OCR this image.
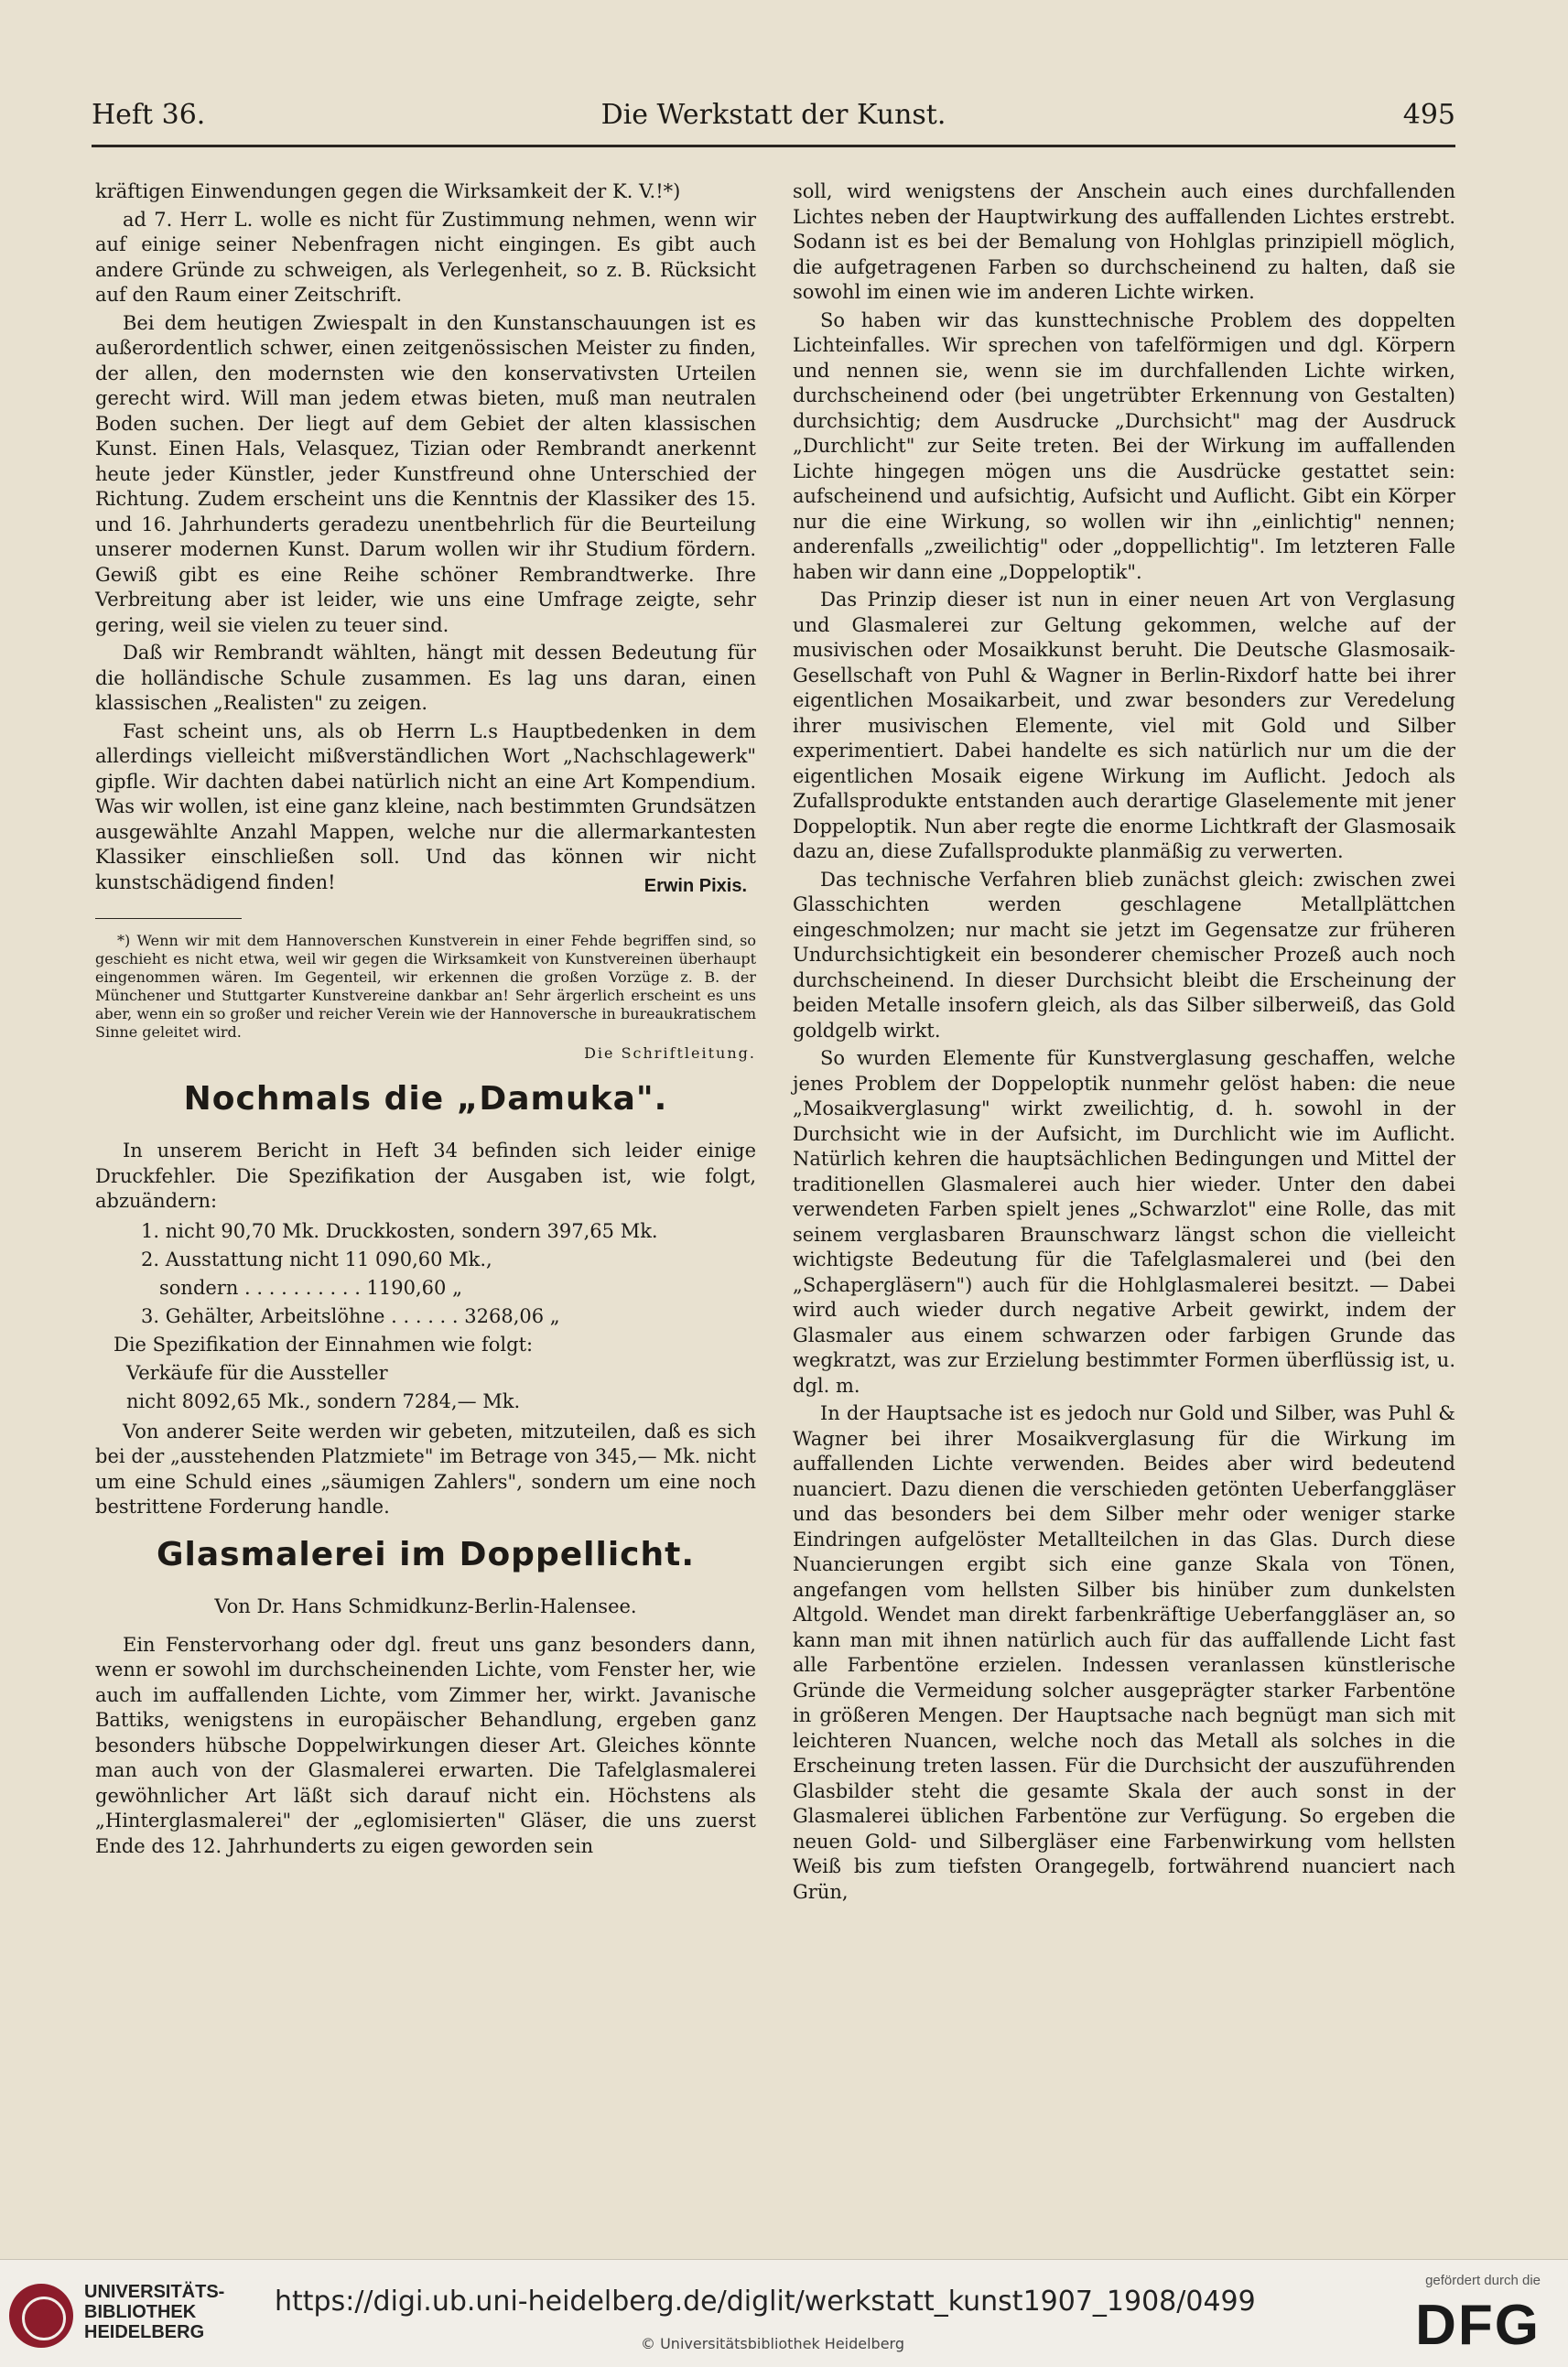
Heft 36.	Die Werkstatt der Kunst.	495

kräftigen Einwendungen gegen die Wirksamkeit der K. V.!*)

ad 7. Herr L. wolle es nicht für Zustimmung nehmen, wenn wir auf einige seiner Nebenfragen nicht eingingen. Es gibt auch andere Gründe zu schweigen, als Verlegenheit, so z. B. Rücksicht auf den Raum einer Zeitschrift.

Bei dem heutigen Zwiespalt in den Kunstanschauungen ist es außerordentlich schwer, einen zeitgenössischen Meister zu finden, der allen, den modernsten wie den konservativsten Urteilen gerecht wird. Will man jedem etwas bieten, muß man neutralen Boden suchen. Der liegt auf dem Gebiet der alten klassischen Kunst. Einen Hals, Velasquez, Tizian oder Rembrandt anerkennt heute jeder Künstler, jeder Kunstfreund ohne Unterschied der Richtung. Zudem erscheint uns die Kenntnis der Klassiker des 15. und 16. Jahrhunderts geradezu unentbehrlich für die Beurteilung unserer modernen Kunst. Darum wollen wir ihr Studium fördern. Gewiß gibt es eine Reihe schöner Rembrandtwerke. Ihre Verbreitung aber ist leider, wie uns eine Umfrage zeigte, sehr gering, weil sie vielen zu teuer sind.

Daß wir Rembrandt wählten, hängt mit dessen Bedeutung für die holländische Schule zusammen. Es lag uns daran, einen klassischen „Realisten" zu zeigen.

Fast scheint uns, als ob Herrn L.s Hauptbedenken in dem allerdings vielleicht mißverständlichen Wort „Nachschlagewerk" gipfle. Wir dachten dabei natürlich nicht an eine Art Kompendium. Was wir wollen, ist eine ganz kleine, nach bestimmten Grundsätzen ausgewählte Anzahl Mappen, welche nur die allermarkantesten Klassiker einschließen soll. Und das können wir nicht kunstschädigend finden!	Erwin Pixis.

*) Wenn wir mit dem Hannoverschen Kunstverein in einer Fehde begriffen sind, so geschieht es nicht etwa, weil wir gegen die Wirksamkeit von Kunstvereinen überhaupt eingenommen wären. Im Gegenteil, wir erkennen die großen Vorzüge z. B. der Münchener und Stuttgarter Kunstvereine dankbar an! Sehr ärgerlich erscheint es uns aber, wenn ein so großer und reicher Verein wie der Hannoversche in bureaukratischem Sinne geleitet wird.

Die Schriftleitung.
Nochmals die „Damuka".

In unserem Bericht in Heft 34 befinden sich leider einige Druckfehler. Die Spezifikation der Ausgaben ist, wie folgt, abzuändern:

1. nicht 90,70 Mk. Druckkosten, sondern 397,65 Mk.
2. Ausstattung nicht 11 090,60 Mk.,
sondern . . . . . . . . . . 1190,60 „
3. Gehälter, Arbeitslöhne . . . . . . 3268,06 „
Die Spezifikation der Einnahmen wie folgt:
Verkäufe für die Aussteller
nicht 8092,65 Mk., sondern 7284,— Mk.

Von anderer Seite werden wir gebeten, mitzuteilen, daß es sich bei der „ausstehenden Platzmiete" im Betrage von 345,— Mk. nicht um eine Schuld eines „säumigen Zahlers", sondern um eine noch bestrittene Forderung handle.

Glasmalerei im Doppellicht.
Von Dr. Hans Schmidkunz-Berlin-Halensee.

Ein Fenstervorhang oder dgl. freut uns ganz besonders dann, wenn er sowohl im durchscheinenden Lichte, vom Fenster her, wie auch im auffallenden Lichte, vom Zimmer her, wirkt. Javanische Battiks, wenigstens in europäischer Behandlung, ergeben ganz besonders hübsche Doppelwirkungen dieser Art. Gleiches könnte man auch von der Glasmalerei erwarten. Die Tafelglasmalerei gewöhnlicher Art läßt sich darauf nicht ein. Höchstens als „Hinterglasmalerei" der „eglomisierten" Gläser, die uns zuerst Ende des 12. Jahrhunderts zu eigen geworden sein

soll, wird wenigstens der Anschein auch eines durchfallenden Lichtes neben der Hauptwirkung des auffallenden Lichtes erstrebt. Sodann ist es bei der Bemalung von Hohlglas prinzipiell möglich, die aufgetragenen Farben so durchscheinend zu halten, daß sie sowohl im einen wie im anderen Lichte wirken.

So haben wir das kunsttechnische Problem des doppelten Lichteinfalles. Wir sprechen von tafelförmigen und dgl. Körpern und nennen sie, wenn sie im durchfallenden Lichte wirken, durchscheinend oder (bei ungetrübter Erkennung von Gestalten) durchsichtig; dem Ausdrucke „Durchsicht" mag der Ausdruck „Durchlicht" zur Seite treten. Bei der Wirkung im auffallenden Lichte hingegen mögen uns die Ausdrücke gestattet sein: aufscheinend und aufsichtig, Aufsicht und Auflicht. Gibt ein Körper nur die eine Wirkung, so wollen wir ihn „einlichtig" nennen; anderenfalls „zweilichtig" oder „doppellichtig". Im letzteren Falle haben wir dann eine „Doppeloptik".

Das Prinzip dieser ist nun in einer neuen Art von Verglasung und Glasmalerei zur Geltung gekommen, welche auf der musivischen oder Mosaikkunst beruht. Die Deutsche Glasmosaik-Gesellschaft von Puhl & Wagner in Berlin-Rixdorf hatte bei ihrer eigentlichen Mosaikarbeit, und zwar besonders zur Veredelung ihrer musivischen Elemente, viel mit Gold und Silber experimentiert. Dabei handelte es sich natürlich nur um die der eigentlichen Mosaik eigene Wirkung im Auflicht. Jedoch als Zufallsprodukte entstanden auch derartige Glaselemente mit jener Doppeloptik. Nun aber regte die enorme Lichtkraft der Glasmosaik dazu an, diese Zufallsprodukte planmäßig zu verwerten.

Das technische Verfahren blieb zunächst gleich: zwischen zwei Glasschichten werden geschlagene Metallplättchen eingeschmolzen; nur macht sie jetzt im Gegensatze zur früheren Undurchsichtigkeit ein besonderer chemischer Prozeß auch noch durchscheinend. In dieser Durchsicht bleibt die Erscheinung der beiden Metalle insofern gleich, als das Silber silberweiß, das Gold goldgelb wirkt.

So wurden Elemente für Kunstverglasung geschaffen, welche jenes Problem der Doppeloptik nunmehr gelöst haben: die neue „Mosaikverglasung" wirkt zweilichtig, d. h. sowohl in der Durchsicht wie in der Aufsicht, im Durchlicht wie im Auflicht. Natürlich kehren die hauptsächlichen Bedingungen und Mittel der traditionellen Glasmalerei auch hier wieder. Unter den dabei verwendeten Farben spielt jenes „Schwarzlot" eine Rolle, das mit seinem verglasbaren Braunschwarz längst schon die vielleicht wichtigste Bedeutung für die Tafelglasmalerei und (bei den „Schapergläsern") auch für die Hohlglasmalerei besitzt. — Dabei wird auch wieder durch negative Arbeit gewirkt, indem der Glasmaler aus einem schwarzen oder farbigen Grunde das wegkratzt, was zur Erzielung bestimmter Formen überflüssig ist, u. dgl. m.

In der Hauptsache ist es jedoch nur Gold und Silber, was Puhl & Wagner bei ihrer Mosaikverglasung für die Wirkung im auffallenden Lichte verwenden. Beides aber wird bedeutend nuanciert. Dazu dienen die verschieden getönten Ueberfanggläser und das besonders bei dem Silber mehr oder weniger starke Eindringen aufgelöster Metallteilchen in das Glas. Durch diese Nuancierungen ergibt sich eine ganze Skala von Tönen, angefangen vom hellsten Silber bis hinüber zum dunkelsten Altgold. Wendet man direkt farbenkräftige Ueberfanggläser an, so kann man mit ihnen natürlich auch für das auffallende Licht fast alle Farbentöne erzielen. Indessen veranlassen künstlerische Gründe die Vermeidung solcher ausgeprägter starker Farbentöne in größeren Mengen. Der Hauptsache nach begnügt man sich mit leichteren Nuancen, welche noch das Metall als solches in die Erscheinung treten lassen. Für die Durchsicht der auszuführenden Glasbilder steht die gesamte Skala der auch sonst in der Glasmalerei üblichen Farbentöne zur Verfügung. So ergeben die neuen Gold- und Silbergläser eine Farbenwirkung vom hellsten Weiß bis zum tiefsten Orangegelb, fortwährend nuanciert nach Grün,

UNIVERSITÄTS-
BIBLIOTHEK
HEIDELBERG
https://digi.ub.uni-heidelberg.de/diglit/werkstatt_kunst1907_1908/0499
© Universitätsbibliothek Heidelberg
gefördert durch die
DFG
